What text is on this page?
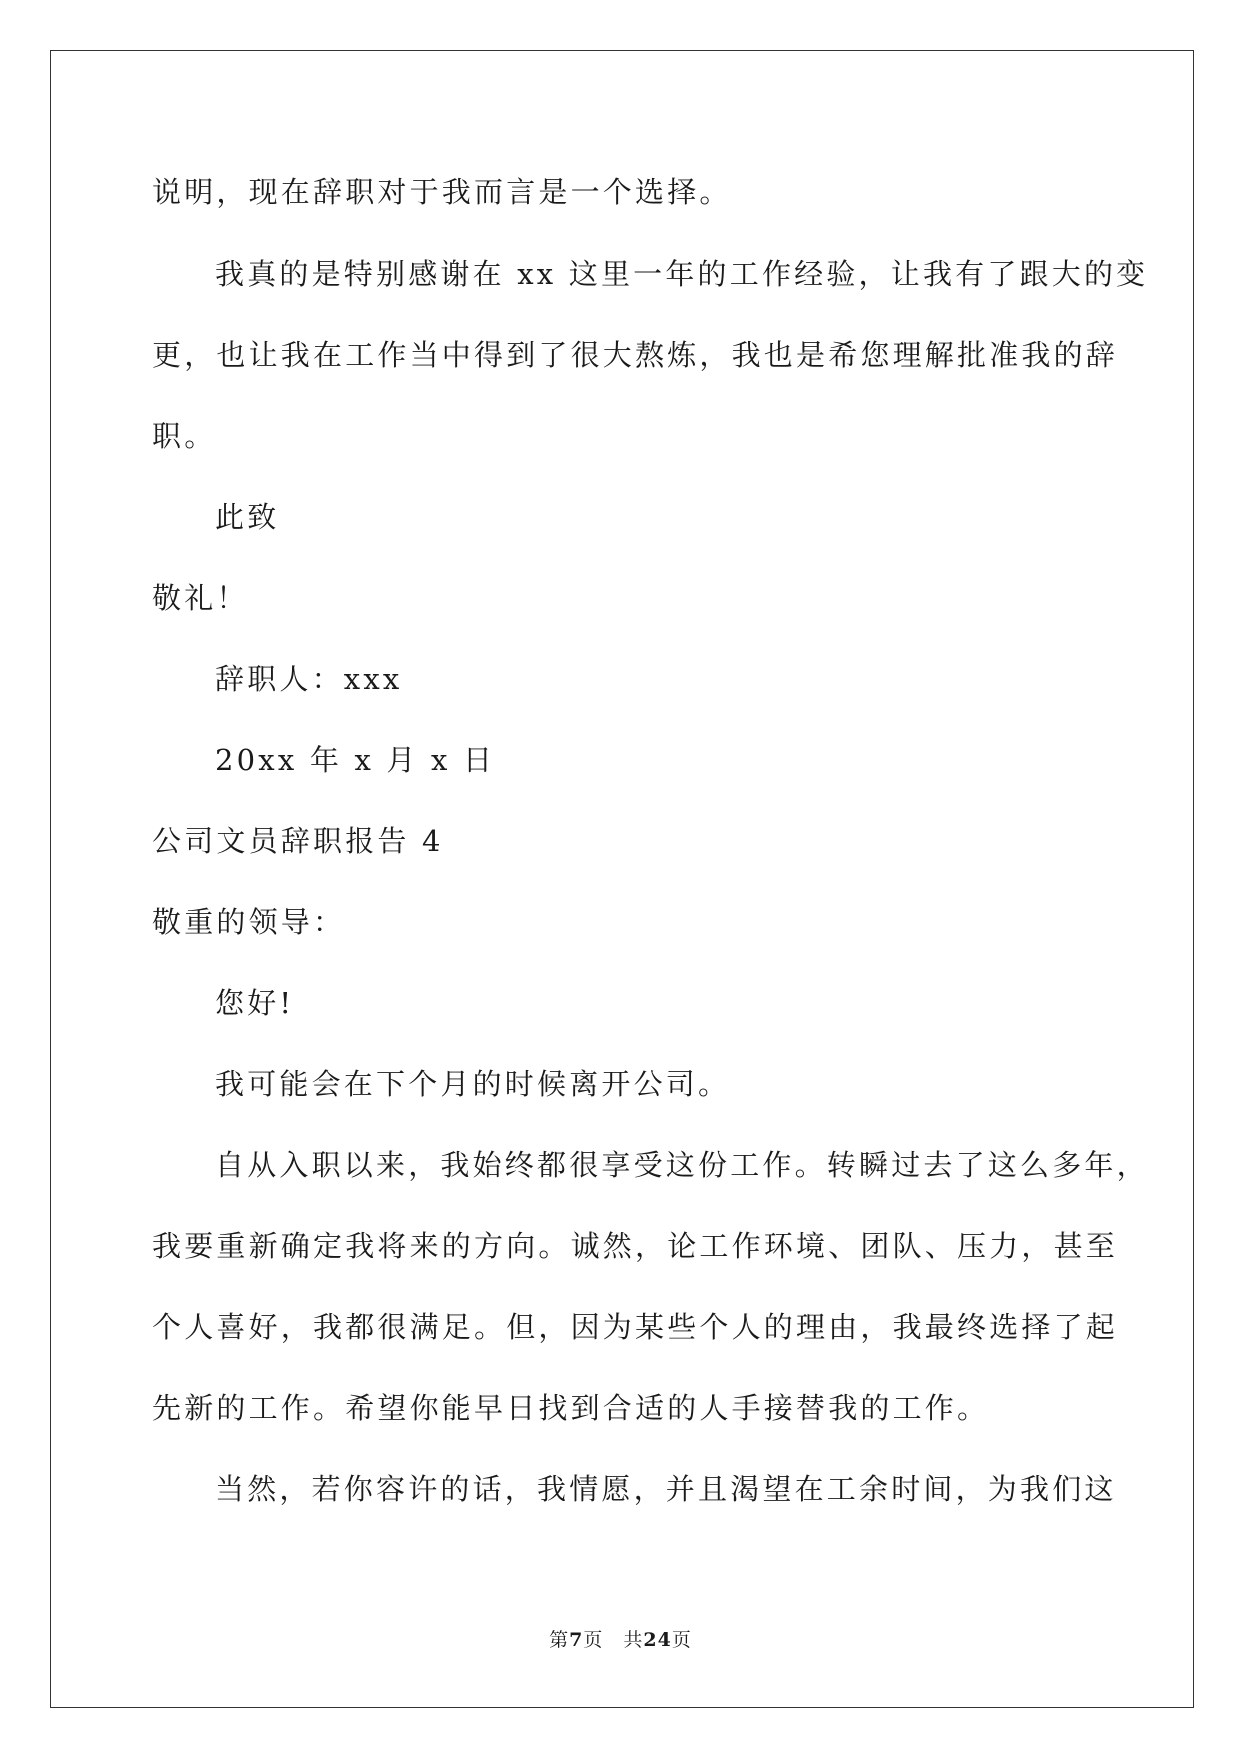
说明，现在辞职对于我而言是一个选择。
我真的是特别感谢在 xx 这里一年的工作经验，让我有了跟大的变
更，也让我在工作当中得到了很大熬炼，我也是希您理解批准我的辞
职。
此致
敬礼！
辞职人：xxx
20xx 年 x 月 x 日
公司文员辞职报告 4
敬重的领导：
您好!
我可能会在下个月的时候离开公司。
自从入职以来，我始终都很享受这份工作。转瞬过去了这么多年，
我要重新确定我将来的方向。诚然，论工作环境、团队、压力，甚至
个人喜好，我都很满足。但，因为某些个人的理由，我最终选择了起
先新的工作。希望你能早日找到合适的人手接替我的工作。
当然，若你容许的话，我情愿，并且渴望在工余时间，为我们这
第7页　共24页
